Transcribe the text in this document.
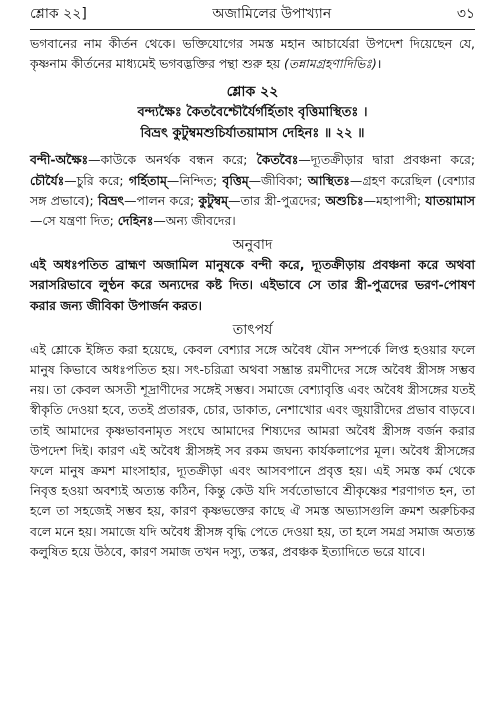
শ্লোক ২২]	অজামিলের উপাখ্যান	৩১

ভগবানের নাম কীর্তন থেকে। ভক্তিযোগের সমস্ত মহান আচার্যেরা উপদেশ দিয়েছেন যে, কৃষ্ণনাম কীর্তনের মাধ্যমেই ভগবদ্ভক্তির পন্থা শুরু হয় (তন্নামগ্রহণাদিভিঃ)।

শ্লোক ২২
বন্দ্যক্ষৈঃ কৈতবৈশ্চৌর্যৈর্গর্হিতাং বৃত্তিমাস্থিতঃ ।
বিভ্রৎ কুটুম্বমশুচির্যাতয়ামাস দেহিনঃ ॥ ২২ ॥

বন্দী-অক্ষৈঃ—কাউকে অনর্থক বন্ধন করে; কৈতবৈঃ—দ্যূতক্রীড়ার দ্বারা প্রবঞ্চনা করে; চৌর্যৈঃ—চুরি করে; গর্হিতাম্—নিন্দিত; বৃত্তিম্—জীবিকা; আস্থিতঃ—গ্রহণ করেছিল (বেশ্যার সঙ্গ প্রভাবে); বিভ্রৎ—পালন করে; কুটুম্বম্—তার স্ত্রী-পুত্রদের; অশুচিঃ—মহাপাপী; যাতয়ামাস—সে যন্ত্রণা দিত; দেহিনঃ—অন্য জীবদের।

অনুবাদ

এই অধঃপতিত ব্রাহ্মণ অজামিল মানুষকে বন্দী করে, দ্যূতক্রীড়ায় প্রবঞ্চনা করে অথবা সরাসরিভাবে লুণ্ঠন করে অন্যদের কষ্ট দিত। এইভাবে সে তার স্ত্রী-পুত্রদের ভরণ-পোষণ করার জন্য জীবিকা উপার্জন করত।

তাৎপর্য

এই শ্লোকে ইঙ্গিত করা হয়েছে, কেবল বেশ্যার সঙ্গে অবৈধ যৌন সম্পর্কে লিপ্ত হওয়ার ফলে মানুষ কিভাবে অধঃপতিত হয়। সৎ-চরিত্রা অথবা সম্ভ্রান্ত রমণীদের সঙ্গে অবৈধ স্ত্রীসঙ্গ সম্ভব নয়। তা কেবল অসতী শূদ্রাণীদের সঙ্গেই সম্ভব। সমাজে বেশ্যাবৃত্তি এবং অবৈধ স্ত্রীসঙ্গের যতই স্বীকৃতি দেওয়া হবে, ততই প্রতারক, চোর, ডাকাত, নেশাখোর এবং জুয়ারীদের প্রভাব বাড়বে। তাই আমাদের কৃষ্ণভাবনামৃত সংঘে আমাদের শিষ্যদের আমরা অবৈধ স্ত্রীসঙ্গ বর্জন করার উপদেশ দিই। কারণ এই অবৈধ স্ত্রীসঙ্গই সব রকম জঘন্য কার্যকলাপের মূল। অবৈধ স্ত্রীসঙ্গের ফলে মানুষ ক্রমশ মাংসাহার, দ্যূতক্রীড়া এবং আসবপানে প্রবৃত্ত হয়। এই সমস্ত কর্ম থেকে নিবৃত্ত হওয়া অবশ্যই অত্যন্ত কঠিন, কিন্তু কেউ যদি সর্বতোভাবে শ্রীকৃষ্ণের শরণাগত হন, তা হলে তা সহজেই সম্ভব হয়, কারণ কৃষ্ণভক্তের কাছে ঐ সমস্ত অভ্যাসগুলি ক্রমশ অরুচিকর বলে মনে হয়। সমাজে যদি অবৈধ স্ত্রীসঙ্গ বৃদ্ধি পেতে দেওয়া হয়, তা হলে সমগ্র সমাজ অত্যন্ত কলুষিত হয়ে উঠবে, কারণ সমাজ তখন দস্যু, তস্কর, প্রবঞ্চক ইত্যাদিতে ভরে যাবে।
